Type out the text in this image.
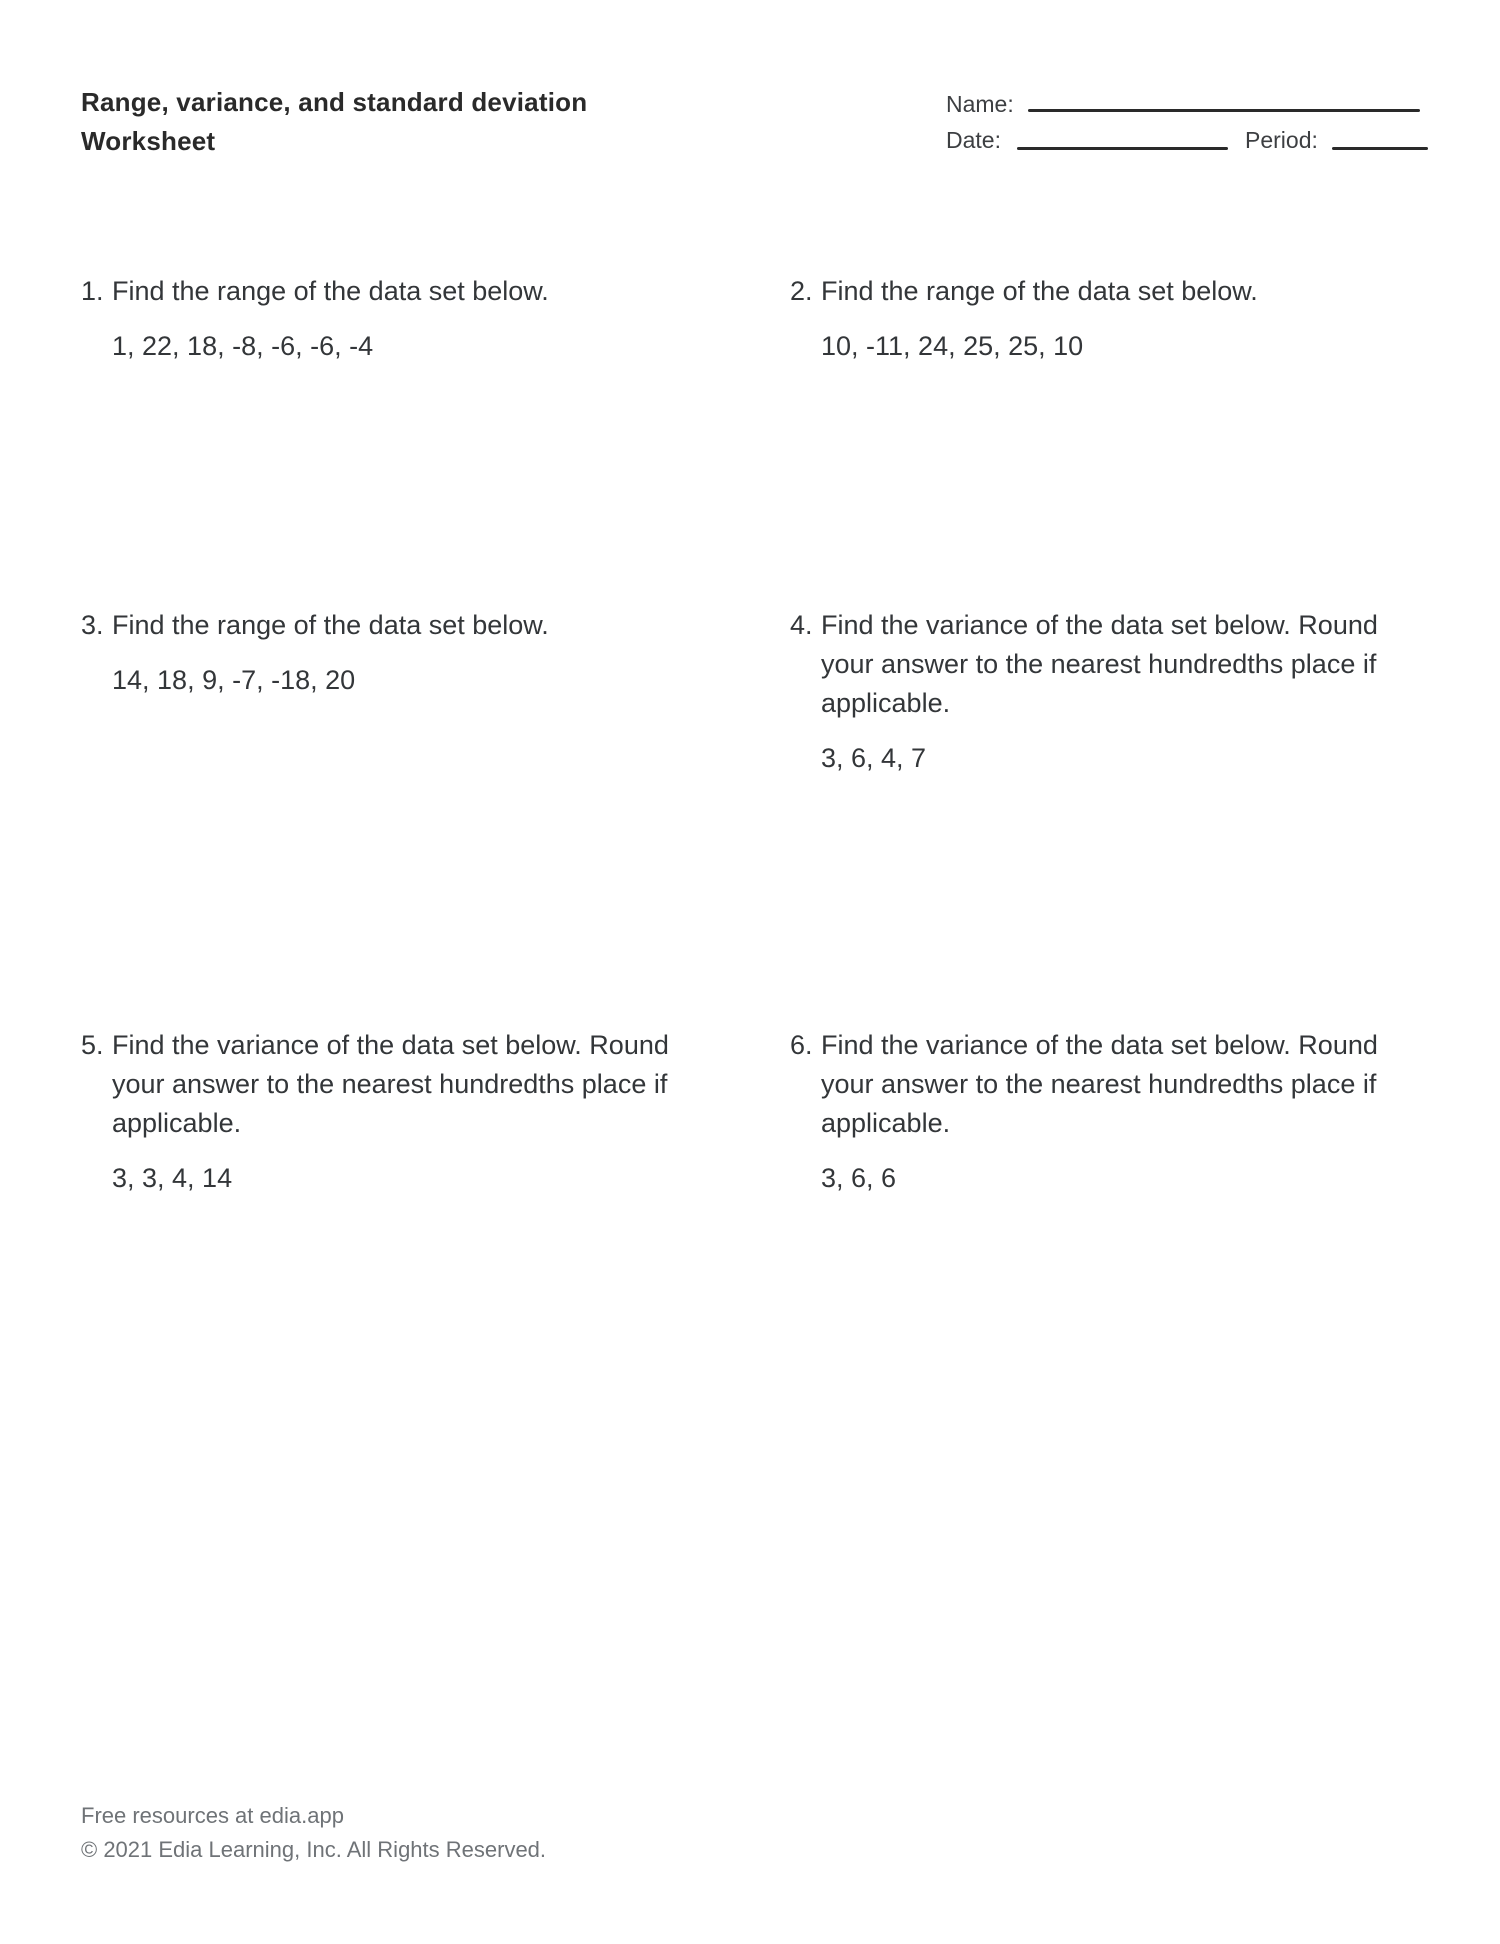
Range, variance, and standard deviation
Worksheet
Name:
Date:	Period:
1. Find the range of the data set below.
1, 22, 18, -8, -6, -6, -4
2. Find the range of the data set below.
10, -11, 24, 25, 25, 10
3. Find the range of the data set below.
14, 18, 9, -7, -18, 20
4. Find the variance of the data set below. Round your answer to the nearest hundredths place if applicable.
3, 6, 4, 7
5. Find the variance of the data set below. Round your answer to the nearest hundredths place if applicable.
3, 3, 4, 14
6. Find the variance of the data set below. Round your answer to the nearest hundredths place if applicable.
3, 6, 6
Free resources at edia.app
© 2021 Edia Learning, Inc. All Rights Reserved.
